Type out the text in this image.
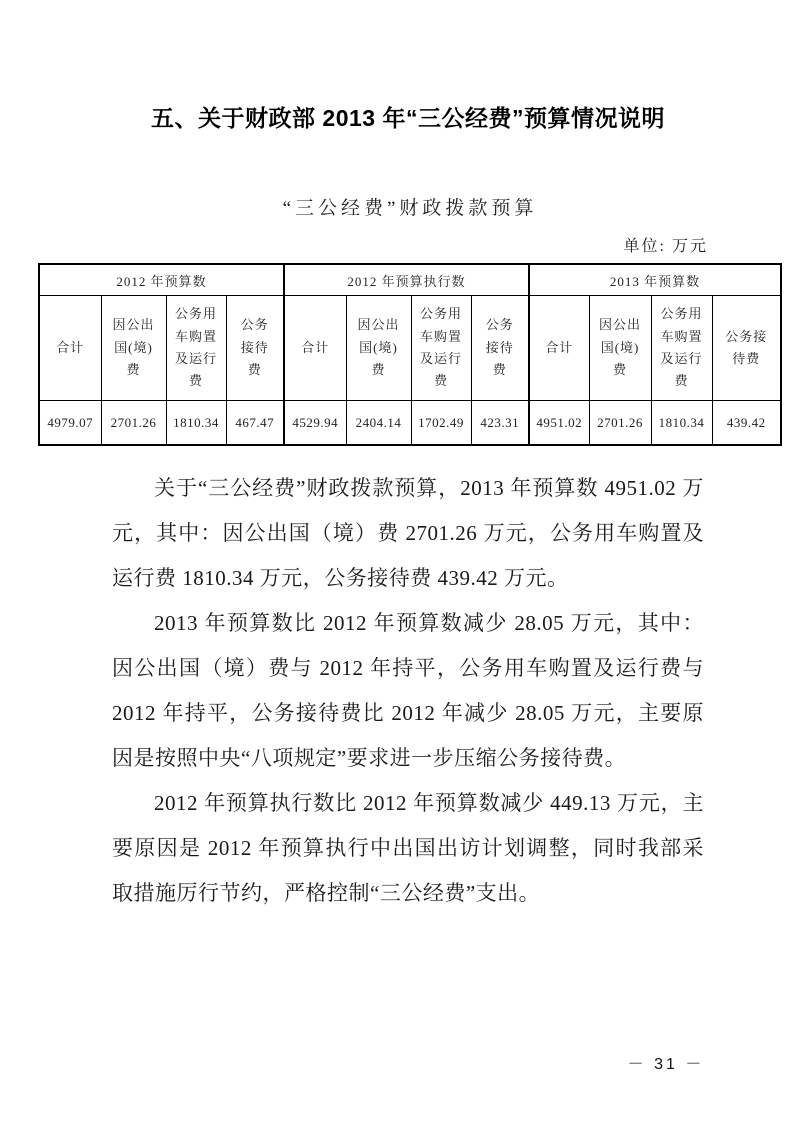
五、关于财政部 2013 年“三公经费”预算情况说明
“三公经费”财政拨款预算
单位: 万元
2012 年预算数				2012 年预算执行数				2013 年预算数			
合计	因公出国(境)费	公务用车购置及运行费	公务接待费	合计	因公出国(境)费	公务用车购置及运行费	公务接待费	合计	因公出国(境)费	公务用车购置及运行费	公务接待费
4979.07	2701.26	1810.34	467.47	4529.94	2404.14	1702.49	423.31	4951.02	2701.26	1810.34	439.42

关于“三公经费”财政拨款预算，2013 年预算数 4951.02 万元，其中：因公出国（境）费 2701.26 万元，公务用车购置及运行费 1810.34 万元，公务接待费 439.42 万元。

2013 年预算数比 2012 年预算数减少 28.05 万元，其中：因公出国（境）费与 2012 年持平，公务用车购置及运行费与 2012 年持平，公务接待费比 2012 年减少 28.05 万元，主要原因是按照中央“八项规定”要求进一步压缩公务接待费。

2012 年预算执行数比 2012 年预算数减少 449.13 万元，主要原因是 2012 年预算执行中出国出访计划调整，同时我部采取措施厉行节约，严格控制“三公经费”支出。

－ 31 －
